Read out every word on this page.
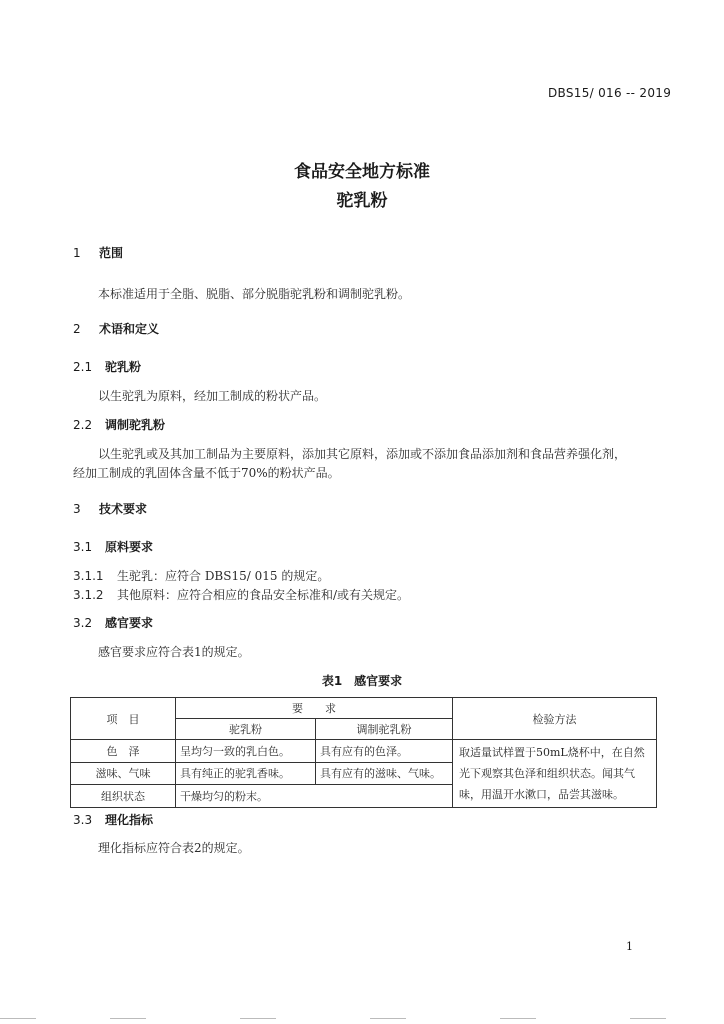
DBS15/ 016 -- 2019
食品安全地方标准
驼乳粉
1 范围
本标准适用于全脂、脱脂、部分脱脂驼乳粉和调制驼乳粉。
2 术语和定义
2.1 驼乳粉
以生驼乳为原料，经加工制成的粉状产品。
2.2 调制驼乳粉
以生驼乳或及其加工制品为主要原料，添加其它原料，添加或不添加食品添加剂和食品营养强化剂，
经加工制成的乳固体含量不低于70%的粉状产品。
3 技术要求
3.1 原料要求
3.1.1 生驼乳：应符合 DBS15/ 015 的规定。
3.1.2 其他原料：应符合相应的食品安全标准和/或有关规定。
3.2 感官要求
感官要求应符合表1的规定。
表1　感官要求
项　目	要　　求		检验方法
	驼乳粉	调制驼乳粉	
色　泽	呈均匀一致的乳白色。	具有应有的色泽。	取适量试样置于50mL烧杯中，在自然光下观察其色泽和组织状态。闻其气味，用温开水漱口，品尝其滋味。
滋味、气味	具有纯正的驼乳香味。	具有应有的滋味、气味。	
组织状态	干燥均匀的粉末。		
3.3 理化指标
理化指标应符合表2的规定。
1
